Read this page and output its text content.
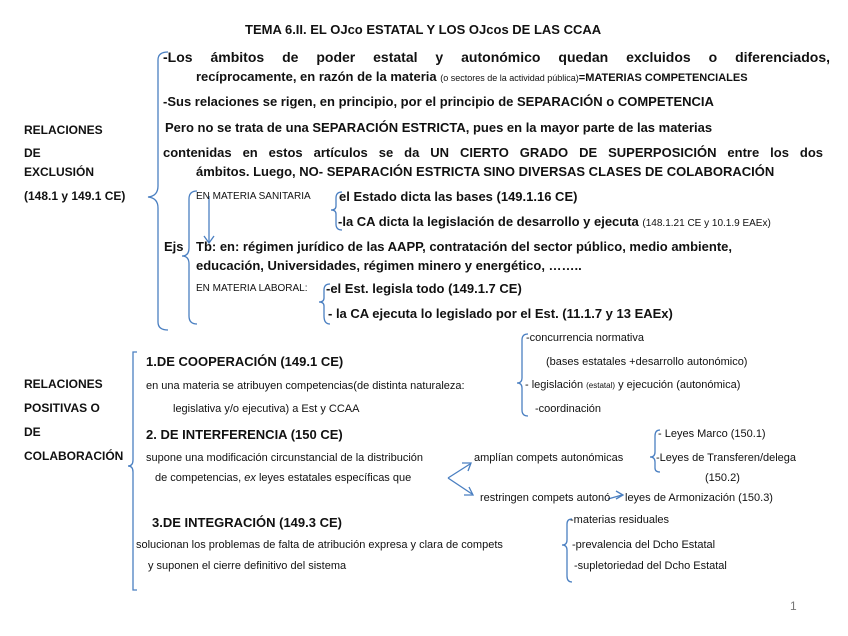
TEMA 6.II. EL OJco ESTATAL Y LOS OJcos DE LAS CCAA
RELACIONES
DE
EXCLUSIÓN
(148.1 y 149.1 CE)
-Los ámbitos de poder estatal y autonómico quedan excluidos o diferenciados,
recíprocamente, en razón de la materia (o sectores de la actividad pública)=MATERIAS COMPETENCIALES
-Sus relaciones se rigen, en principio, por el principio de SEPARACIÓN o COMPETENCIA
Pero no se trata de una SEPARACIÓN ESTRICTA, pues en la mayor parte de las materias
contenidas en estos artículos se da UN CIERTO GRADO DE SUPERPOSICIÓN entre los dos
ámbitos. Luego, NO- SEPARACIÓN ESTRICTA SINO DIVERSAS CLASES DE COLABORACIÓN
EN MATERIA SANITARIA el Estado dicta las bases (149.1.16 CE)
-la CA dicta la legislación de desarrollo y ejecuta (148.1.21 CE y 10.1.9 EAEx)
Ejs Tb: en: régimen jurídico de las AAPP, contratación del sector público, medio ambiente,
educación, Universidades, régimen minero y energético, ……..
EN MATERIA LABORAL: -el Est. legisla todo (149.1.7 CE)
- la CA ejecuta lo legislado por el Est. (11.1.7 y 13 EAEx)
RELACIONES
POSITIVAS O
DE
COLABORACIÓN
1.DE COOPERACIÓN (149.1 CE)
en una materia se atribuyen competencias(de distinta naturaleza:
legislativa y/o ejecutiva) a Est y CCAA
-concurrencia normativa
(bases estatales +desarrollo autonómico)
- legislación (estatal) y ejecución (autonómica)
-coordinación
2. DE INTERFERENCIA (150 CE)
supone una modificación circunstancial de la distribución
de competencias, ex leyes estatales específicas que
amplían compets autonómicas
restringen compets autonó
- Leyes Marco (150.1)
-Leyes de Transferen/delega
(150.2)
leyes de Armonización (150.3)
3.DE INTEGRACIÓN (149.3 CE)
solucionan los problemas de falta de atribución expresa y clara de compets
y suponen el cierre definitivo del sistema
-materias residuales
-prevalencia del Dcho Estatal
-supletoriedad del Dcho Estatal
1
